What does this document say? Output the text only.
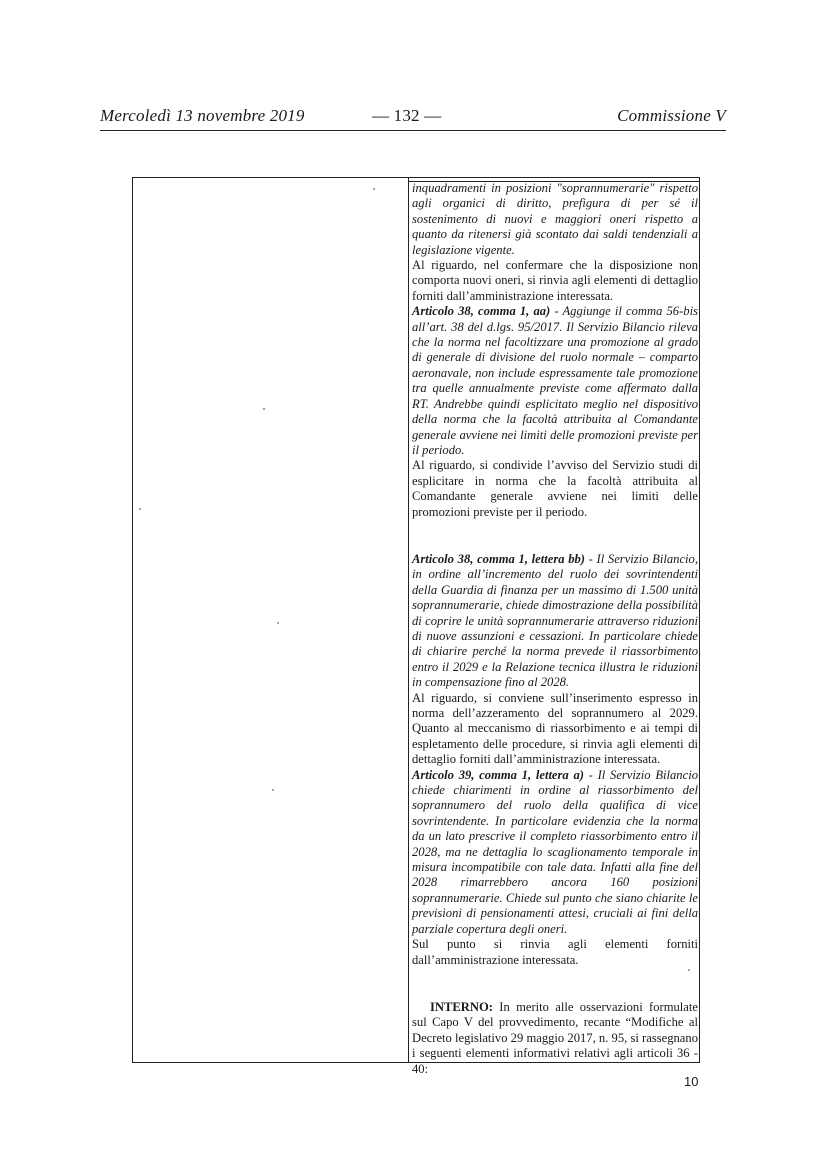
Mercoledì 13 novembre 2019	— 132 —	Commissione V

inquadramenti in posizioni "soprannumerarie" rispetto agli organici di diritto, prefigura di per sé il sostenimento di nuovi e maggiori oneri rispetto a quanto da ritenersi già scontato dai saldi tendenziali a legislazione vigente.

Al riguardo, nel confermare che la disposizione non comporta nuovi oneri, si rinvia agli elementi di dettaglio forniti dall’amministrazione interessata.

Articolo 38, comma 1, aa) - Aggiunge il comma 56-bis all’art. 38 del d.lgs. 95/2017. Il Servizio Bilancio rileva che la norma nel facoltizzare una promozione al grado di generale di divisione del ruolo normale – comparto aeronavale, non include espressamente tale promozione tra quelle annualmente previste come affermato dalla RT. Andrebbe quindi esplicitato meglio nel dispositivo della norma che la facoltà attribuita al Comandante generale avviene nei limiti delle promozioni previste per il periodo.

Al riguardo, si condivide l’avviso del Servizio studi di esplicitare in norma che la facoltà attribuita al Comandante generale avviene nei limiti delle promozioni previste per il periodo.

Articolo 38, comma 1, lettera bb) - Il Servizio Bilancio, in ordine all’incremento del ruolo dei sovrintendenti della Guardia di finanza per un massimo di 1.500 unità soprannumerarie, chiede dimostrazione della possibilità di coprire le unità soprannumerarie attraverso riduzioni di nuove assunzioni e cessazioni. In particolare chiede di chiarire perché la norma prevede il riassorbimento entro il 2029 e la Relazione tecnica illustra le riduzioni in compensazione fino al 2028.

Al riguardo, si conviene sull’inserimento espresso in norma dell’azzeramento del soprannumero al 2029. Quanto al meccanismo di riassorbimento e ai tempi di espletamento delle procedure, si rinvia agli elementi di dettaglio forniti dall’amministrazione interessata.

Articolo 39, comma 1, lettera a) - Il Servizio Bilancio chiede chiarimenti in ordine al riassorbimento del soprannumero del ruolo della qualifica di vice sovrintendente. In particolare evidenzia che la norma da un lato prescrive il completo riassorbimento entro il 2028, ma ne dettaglia lo scaglionamento temporale in misura incompatibile con tale data. Infatti alla fine del 2028 rimarrebbero ancora 160 posizioni soprannumerarie. Chiede sul punto che siano chiarite le previsioni di pensionamenti attesi, cruciali ai fini della parziale copertura degli oneri.

Sul punto si rinvia agli elementi forniti dall’amministrazione interessata.

INTERNO: In merito alle osservazioni formulate sul Capo V del provvedimento, recante “Modifiche al Decreto legislativo 29 maggio 2017, n. 95, si rassegnano i seguenti elementi informativi relativi agli articoli 36 - 40:

10
